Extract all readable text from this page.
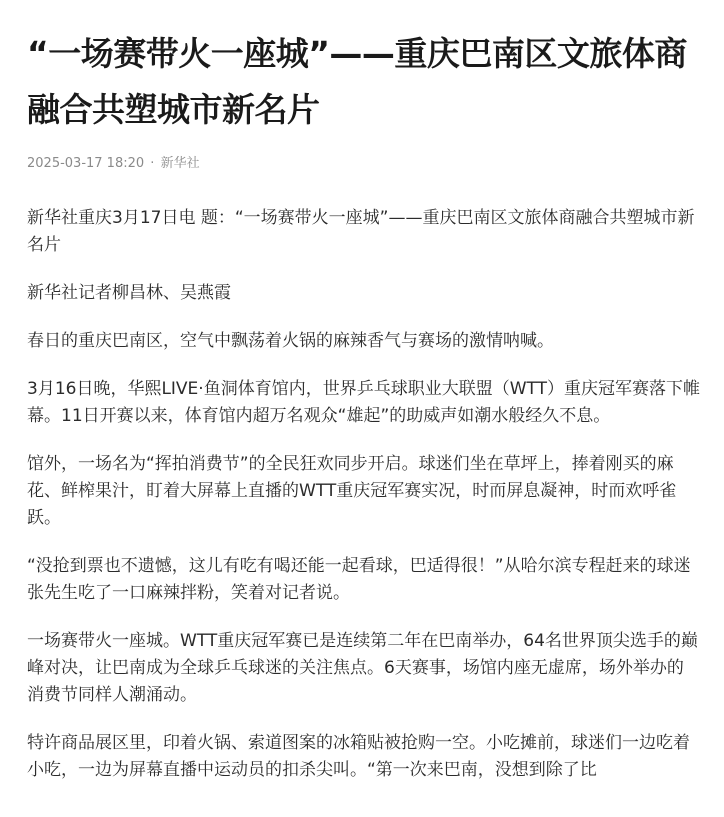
“一场赛带火一座城”——重庆巴南区文旅体商融合共塑城市新名片
2025-03-17 18:20 · 新华社

新华社重庆3月17日电 题：“一场赛带火一座城”——重庆巴南区文旅体商融合共塑城市新名片

新华社记者柳昌林、吴燕霞

春日的重庆巴南区，空气中飘荡着火锅的麻辣香气与赛场的激情呐喊。

3月16日晚，华熙LIVE·鱼洞体育馆内，世界乒乓球职业大联盟（WTT）重庆冠军赛落下帷幕。11日开赛以来，体育馆内超万名观众“雄起”的助威声如潮水般经久不息。

馆外，一场名为“挥拍消费节”的全民狂欢同步开启。球迷们坐在草坪上，捧着刚买的麻花、鲜榨果汁，盯着大屏幕上直播的WTT重庆冠军赛实况，时而屏息凝神，时而欢呼雀跃。

“没抢到票也不遗憾，这儿有吃有喝还能一起看球，巴适得很！”从哈尔滨专程赶来的球迷张先生吃了一口麻辣拌粉，笑着对记者说。

一场赛带火一座城。WTT重庆冠军赛已是连续第二年在巴南举办，64名世界顶尖选手的巅峰对决，让巴南成为全球乒乓球迷的关注焦点。6天赛事，场馆内座无虚席，场外举办的消费节同样人潮涌动。

特许商品展区里，印着火锅、索道图案的冰箱贴被抢购一空。小吃摊前，球迷们一边吃着小吃，一边为屏幕直播中运动员的扣杀尖叫。“第一次来巴南，没想到除了比
